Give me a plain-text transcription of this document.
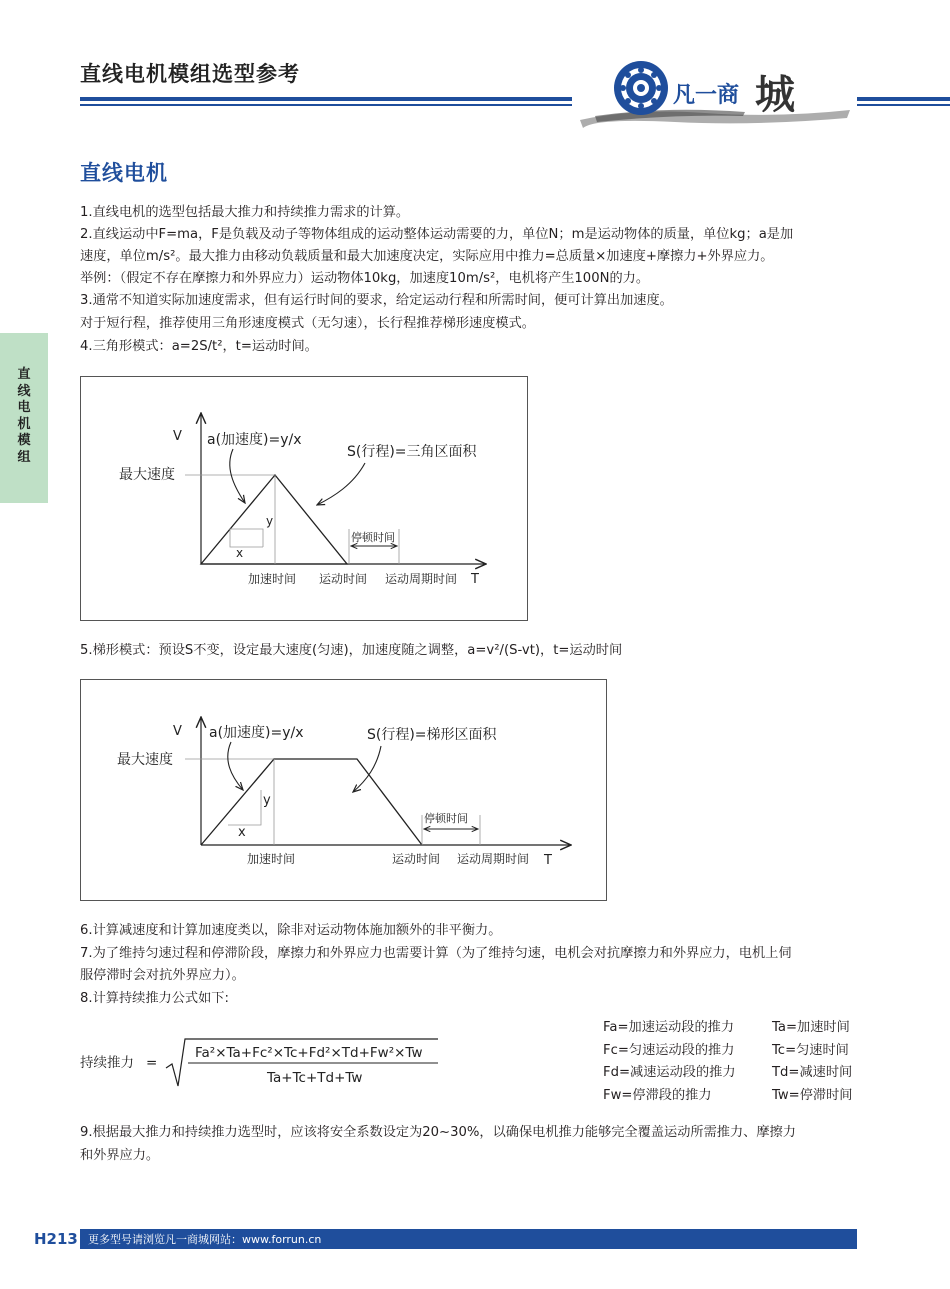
直线电机模组选型参考
凡一商 城
直
线
电
机
模
组
直线电机
1.直线电机的选型包括最大推力和持续推力需求的计算。
2.直线运动中F=ma，F是负载及动子等物体组成的运动整体运动需要的力，单位N；m是运动物体的质量，单位kg；a是加
速度，单位m/s²。最大推力由移动负载质量和最大加速度决定，实际应用中推力=总质量×加速度+摩擦力+外界应力。
举例：（假定不存在摩擦力和外界应力）运动物体10kg，加速度10m/s²，电机将产生100N的力。
3.通常不知道实际加速度需求，但有运行时间的要求，给定运动行程和所需时间，便可计算出加速度。
对于短行程，推荐使用三角形速度模式（无匀速），长行程推荐梯形速度模式。
4.三角形模式：a=2S/t²，t=运动时间。
V
T
最大速度
y
x
a(加速度)=y/x
S(行程)=三角区面积
停顿时间
加速时间 运动时间 运动周期时间
5.梯形模式：预设S不变，设定最大速度(匀速)，加速度随之调整，a=v²/(S-vt)，t=运动时间
V
T
最大速度
y
x
a(加速度)=y/x	S(行程)=梯形区面积
停顿时间
加速时间	运动时间 运动周期时间
6.计算减速度和计算加速度类以，除非对运动物体施加额外的非平衡力。
7.为了维持匀速过程和停滞阶段，摩擦力和外界应力也需要计算（为了维持匀速，电机会对抗摩擦力和外界应力，电机上伺
服停滞时会对抗外界应力）。
8.计算持续推力公式如下:
持续推力 =
Fa²×Ta+Fc²×Tc+Fd²×Td+Fw²×Tw
Ta+Tc+Td+Tw
Fa=加速运动段的推力
Fc=匀速运动段的推力
Fd=减速运动段的推力
Fw=停滞段的推力
Ta=加速时间
Tc=匀速时间
Td=减速时间
Tw=停滞时间
9.根据最大推力和持续推力选型时，应该将安全系数设定为20~30%，以确保电机推力能够完全覆盖运动所需推力、摩擦力
和外界应力。
H213 更多型号请浏览凡一商城网站：www.forrun.cn
